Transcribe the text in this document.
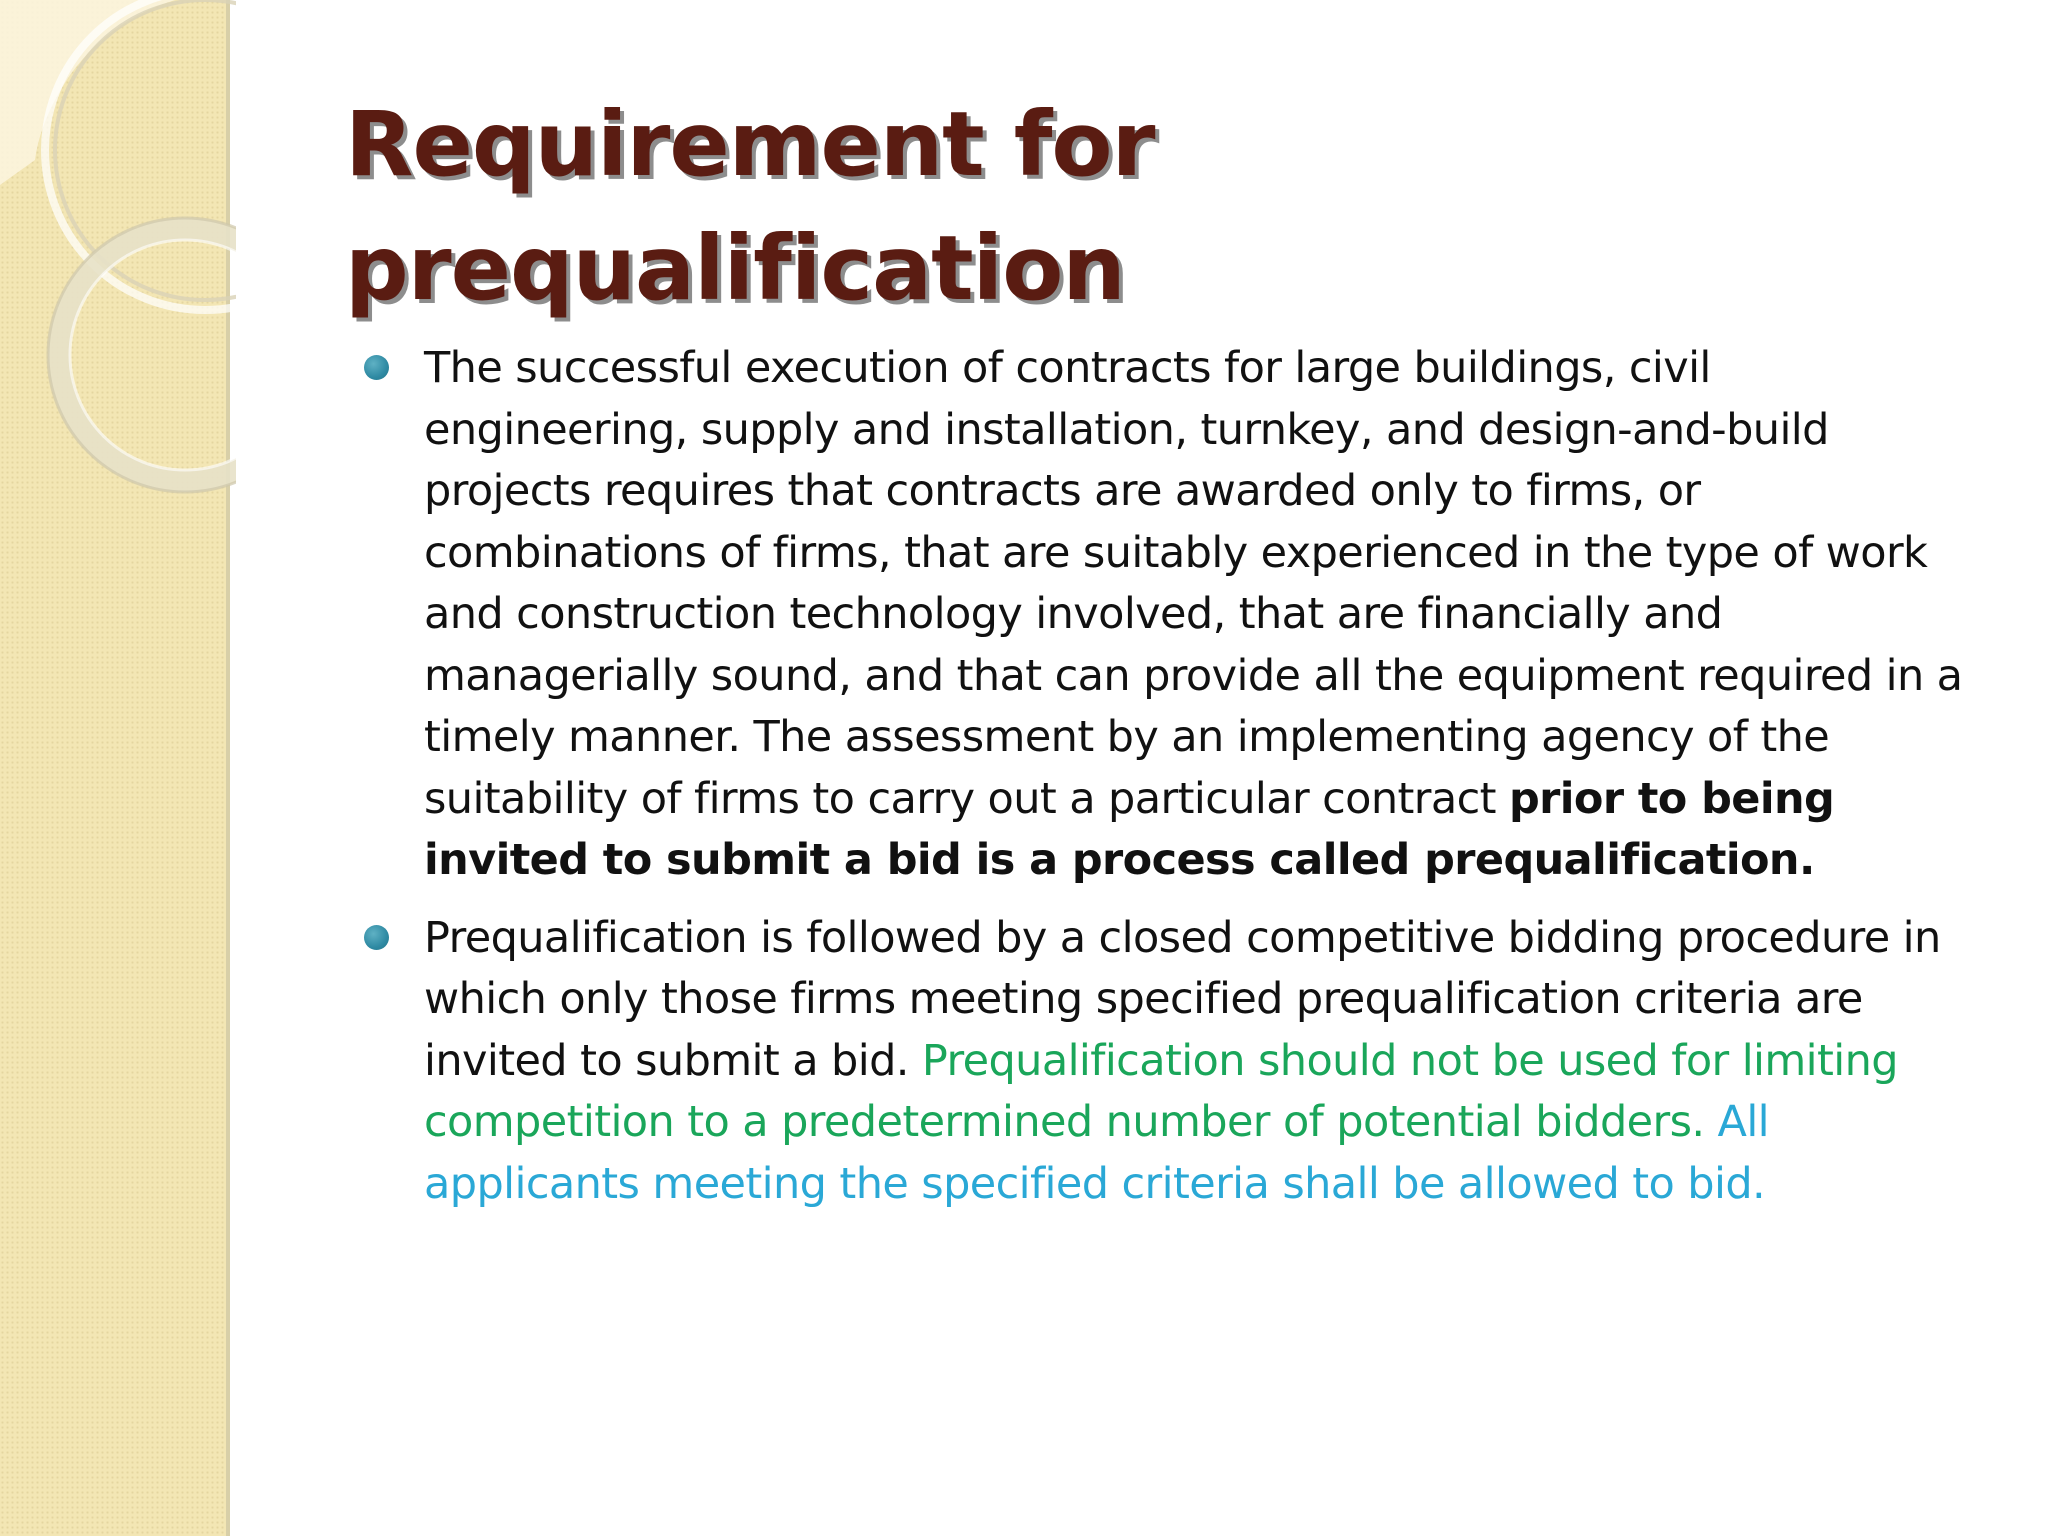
Requirement for
prequalification
The successful execution of contracts for large buildings, civil engineering, supply and installation, turnkey, and design-and-build projects requires that contracts are awarded only to firms, or combinations of firms, that are suitably experienced in the type of work and construction technology involved, that are financially and managerially sound, and that can provide all the equipment required in a timely manner. The assessment by an implementing agency of the suitability of firms to carry out a particular contract prior to being invited to submit a bid is a process called prequalification.
Prequalification is followed by a closed competitive bidding procedure in which only those firms meeting specified prequalification criteria are invited to submit a bid. Prequalification should not be used for limiting competition to a predetermined number of potential bidders. All applicants meeting the specified criteria shall be allowed to bid.
